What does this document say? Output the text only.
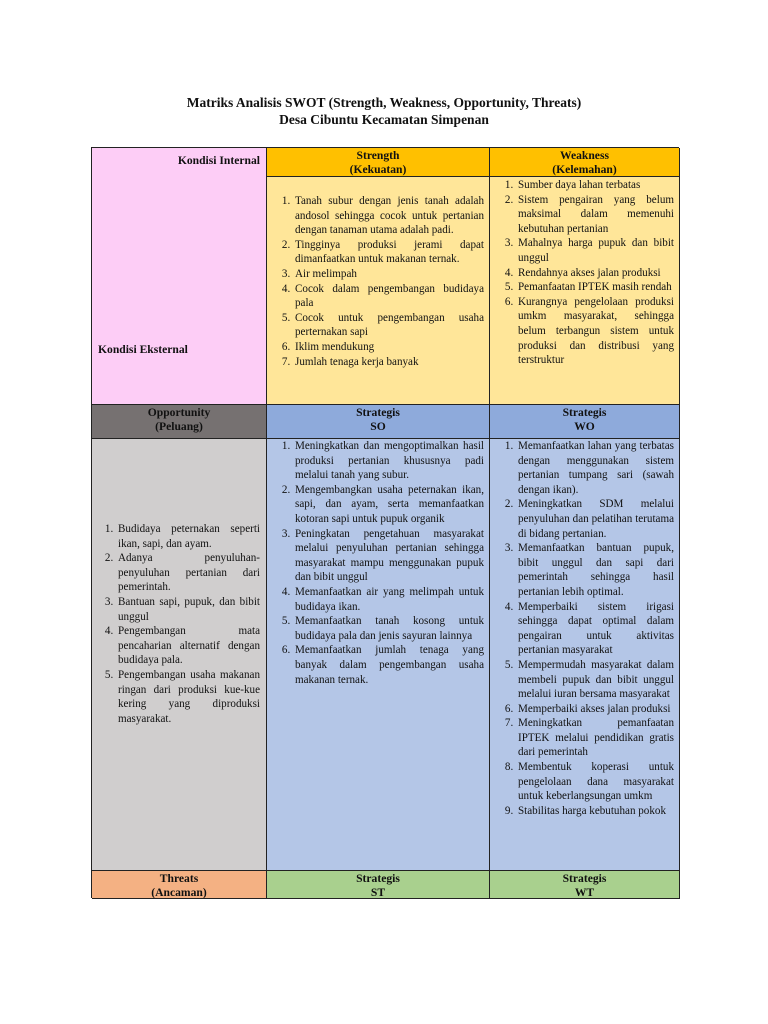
Matriks Analisis SWOT (Strength, Weakness, Opportunity, Threats)
Desa Cibuntu Kecamatan Simpenan
Kondisi Internal
Kondisi Eksternal
Strength
(Kekuatan)
Weakness
(Kelemahan)
1. Tanah subur dengan jenis tanah adalah andosol sehingga cocok untuk pertanian dengan tanaman utama adalah padi.
2. Tingginya produksi jerami dapat dimanfaatkan untuk makanan ternak.
3. Air melimpah
4. Cocok dalam pengembangan budidaya pala
5. Cocok untuk pengembangan usaha perternakan sapi
6. Iklim mendukung
7. Jumlah tenaga kerja banyak
1. Sumber daya lahan terbatas
2. Sistem pengairan yang belum maksimal dalam memenuhi kebutuhan pertanian
3. Mahalnya harga pupuk dan bibit unggul
4. Rendahnya akses jalan produksi
5. Pemanfaatan IPTEK masih rendah
6. Kurangnya pengelolaan produksi umkm masyarakat, sehingga belum terbangun sistem untuk produksi dan distribusi yang terstruktur
Opportunity
(Peluang)
Strategis
SO
Strategis
WO
1. Budidaya peternakan seperti ikan, sapi, dan ayam.
2. Adanya penyuluhan-penyuluhan pertanian dari pemerintah.
3. Bantuan sapi, pupuk, dan bibit unggul
4. Pengembangan mata pencaharian alternatif dengan budidaya pala.
5. Pengembangan usaha makanan ringan dari produksi kue-kue kering yang diproduksi masyarakat.
1. Meningkatkan dan mengoptimalkan hasil produksi pertanian khususnya padi melalui tanah yang subur.
2. Mengembangkan usaha peternakan ikan, sapi, dan ayam, serta memanfaatkan kotoran sapi untuk pupuk organik
3. Peningkatan pengetahuan masyarakat melalui penyuluhan pertanian sehingga masyarakat mampu menggunakan pupuk dan bibit unggul
4. Memanfaatkan air yang melimpah untuk budidaya ikan.
5. Memanfaatkan tanah kosong untuk budidaya pala dan jenis sayuran lainnya
6. Memanfaatkan jumlah tenaga yang banyak dalam pengembangan usaha makanan ternak.
1. Memanfaatkan lahan yang terbatas dengan menggunakan sistem pertanian tumpang sari (sawah dengan ikan).
2. Meningkatkan SDM melalui penyuluhan dan pelatihan terutama di bidang pertanian.
3. Memanfaatkan bantuan pupuk, bibit unggul dan sapi dari pemerintah sehingga hasil pertanian lebih optimal.
4. Memperbaiki sistem irigasi sehingga dapat optimal dalam pengairan untuk aktivitas pertanian masyarakat
5. Mempermudah masyarakat dalam membeli pupuk dan bibit unggul melalui iuran bersama masyarakat
6. Memperbaiki akses jalan produksi
7. Meningkatkan pemanfaatan IPTEK melalui pendidikan gratis dari pemerintah
8. Membentuk koperasi untuk pengelolaan dana masyarakat untuk keberlangsungan umkm
9. Stabilitas harga kebutuhan pokok
Threats
(Ancaman)
Strategis
ST
Strategis
WT
